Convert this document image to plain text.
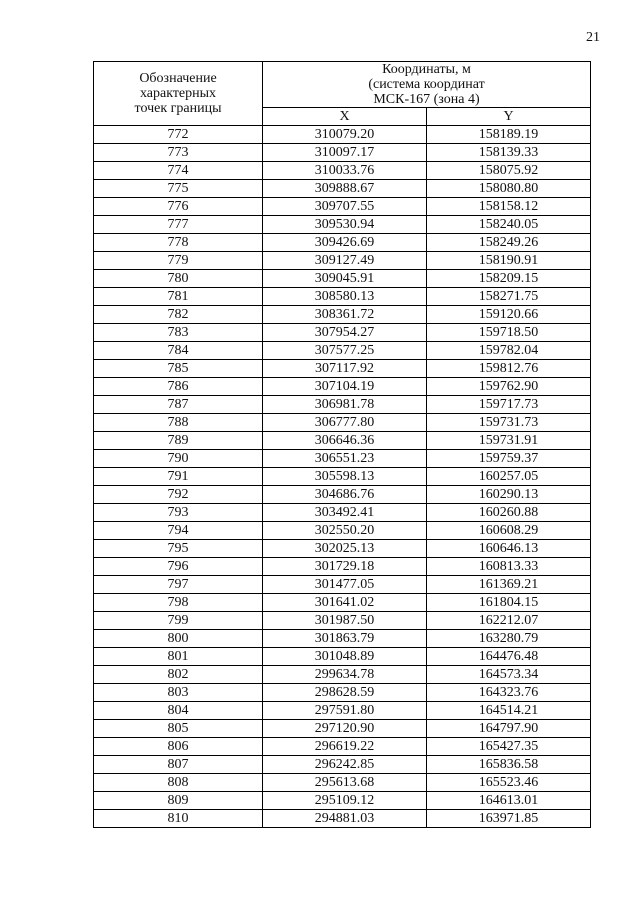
21
Обозначение
характерных
точек границы	Координаты, м
(система координат
МСК-167 (зона 4)	

	X	Y
772	310079.20	158189.19
773	310097.17	158139.33
774	310033.76	158075.92
775	309888.67	158080.80
776	309707.55	158158.12
777	309530.94	158240.05
778	309426.69	158249.26
779	309127.49	158190.91
780	309045.91	158209.15
781	308580.13	158271.75
782	308361.72	159120.66
783	307954.27	159718.50
784	307577.25	159782.04
785	307117.92	159812.76
786	307104.19	159762.90
787	306981.78	159717.73
788	306777.80	159731.73
789	306646.36	159731.91
790	306551.23	159759.37
791	305598.13	160257.05
792	304686.76	160290.13
793	303492.41	160260.88
794	302550.20	160608.29
795	302025.13	160646.13
796	301729.18	160813.33
797	301477.05	161369.21
798	301641.02	161804.15
799	301987.50	162212.07
800	301863.79	163280.79
801	301048.89	164476.48
802	299634.78	164573.34
803	298628.59	164323.76
804	297591.80	164514.21
805	297120.90	164797.90
806	296619.22	165427.35
807	296242.85	165836.58
808	295613.68	165523.46
809	295109.12	164613.01
810	294881.03	163971.85
